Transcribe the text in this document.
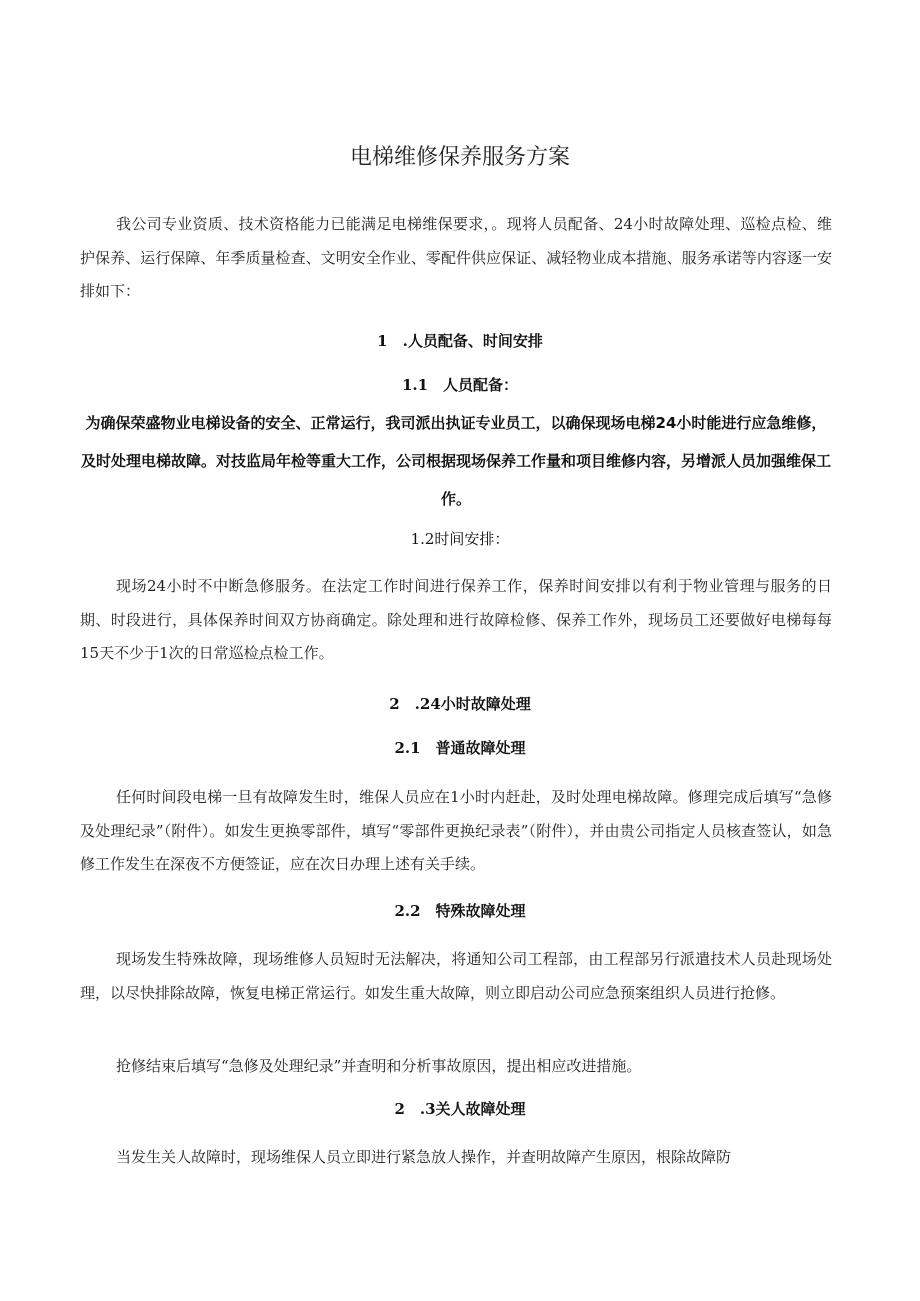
电梯维修保养服务方案

我公司专业资质、技术资格能力已能满足电梯维保要求，。现将人员配备、24小时故障处理、巡检点检、维护保养、运行保障、年季质量检查、文明安全作业、零配件供应保证、减轻物业成本措施、服务承诺等内容逐一安排如下：

1　.人员配备、时间安排

1.1　人员配备：

为确保荣盛物业电梯设备的安全、正常运行，我司派出执证专业员工，以确保现场电梯24小时能进行应急维修，及时处理电梯故障。对技监局年检等重大工作，公司根据现场保养工作量和项目维修内容，另增派人员加强维保工作。

1.2时间安排：

现场24小时不中断急修服务。在法定工作时间进行保养工作，保养时间安排以有利于物业管理与服务的日期、时段进行，具体保养时间双方协商确定。除处理和进行故障检修、保养工作外，现场员工还要做好电梯每每15天不少于1次的日常巡检点检工作。

2　.24小时故障处理

2.1　普通故障处理

任何时间段电梯一旦有故障发生时，维保人员应在1小时内赶赴，及时处理电梯故障。修理完成后填写“急修及处理纪录”（附件）。如发生更换零部件，填写“零部件更换纪录表”（附件），并由贵公司指定人员核查签认，如急修工作发生在深夜不方便签证，应在次日办理上述有关手续。

2.2　特殊故障处理

现场发生特殊故障，现场维修人员短时无法解决，将通知公司工程部，由工程部另行派遣技术人员赴现场处理，以尽快排除故障，恢复电梯正常运行。如发生重大故障，则立即启动公司应急预案组织人员进行抢修。

抢修结束后填写“急修及处理纪录”并查明和分析事故原因，提出相应改进措施。

2　.3关人故障处理

当发生关人故障时，现场维保人员立即进行紧急放人操作，并查明故障产生原因，根除故障防
